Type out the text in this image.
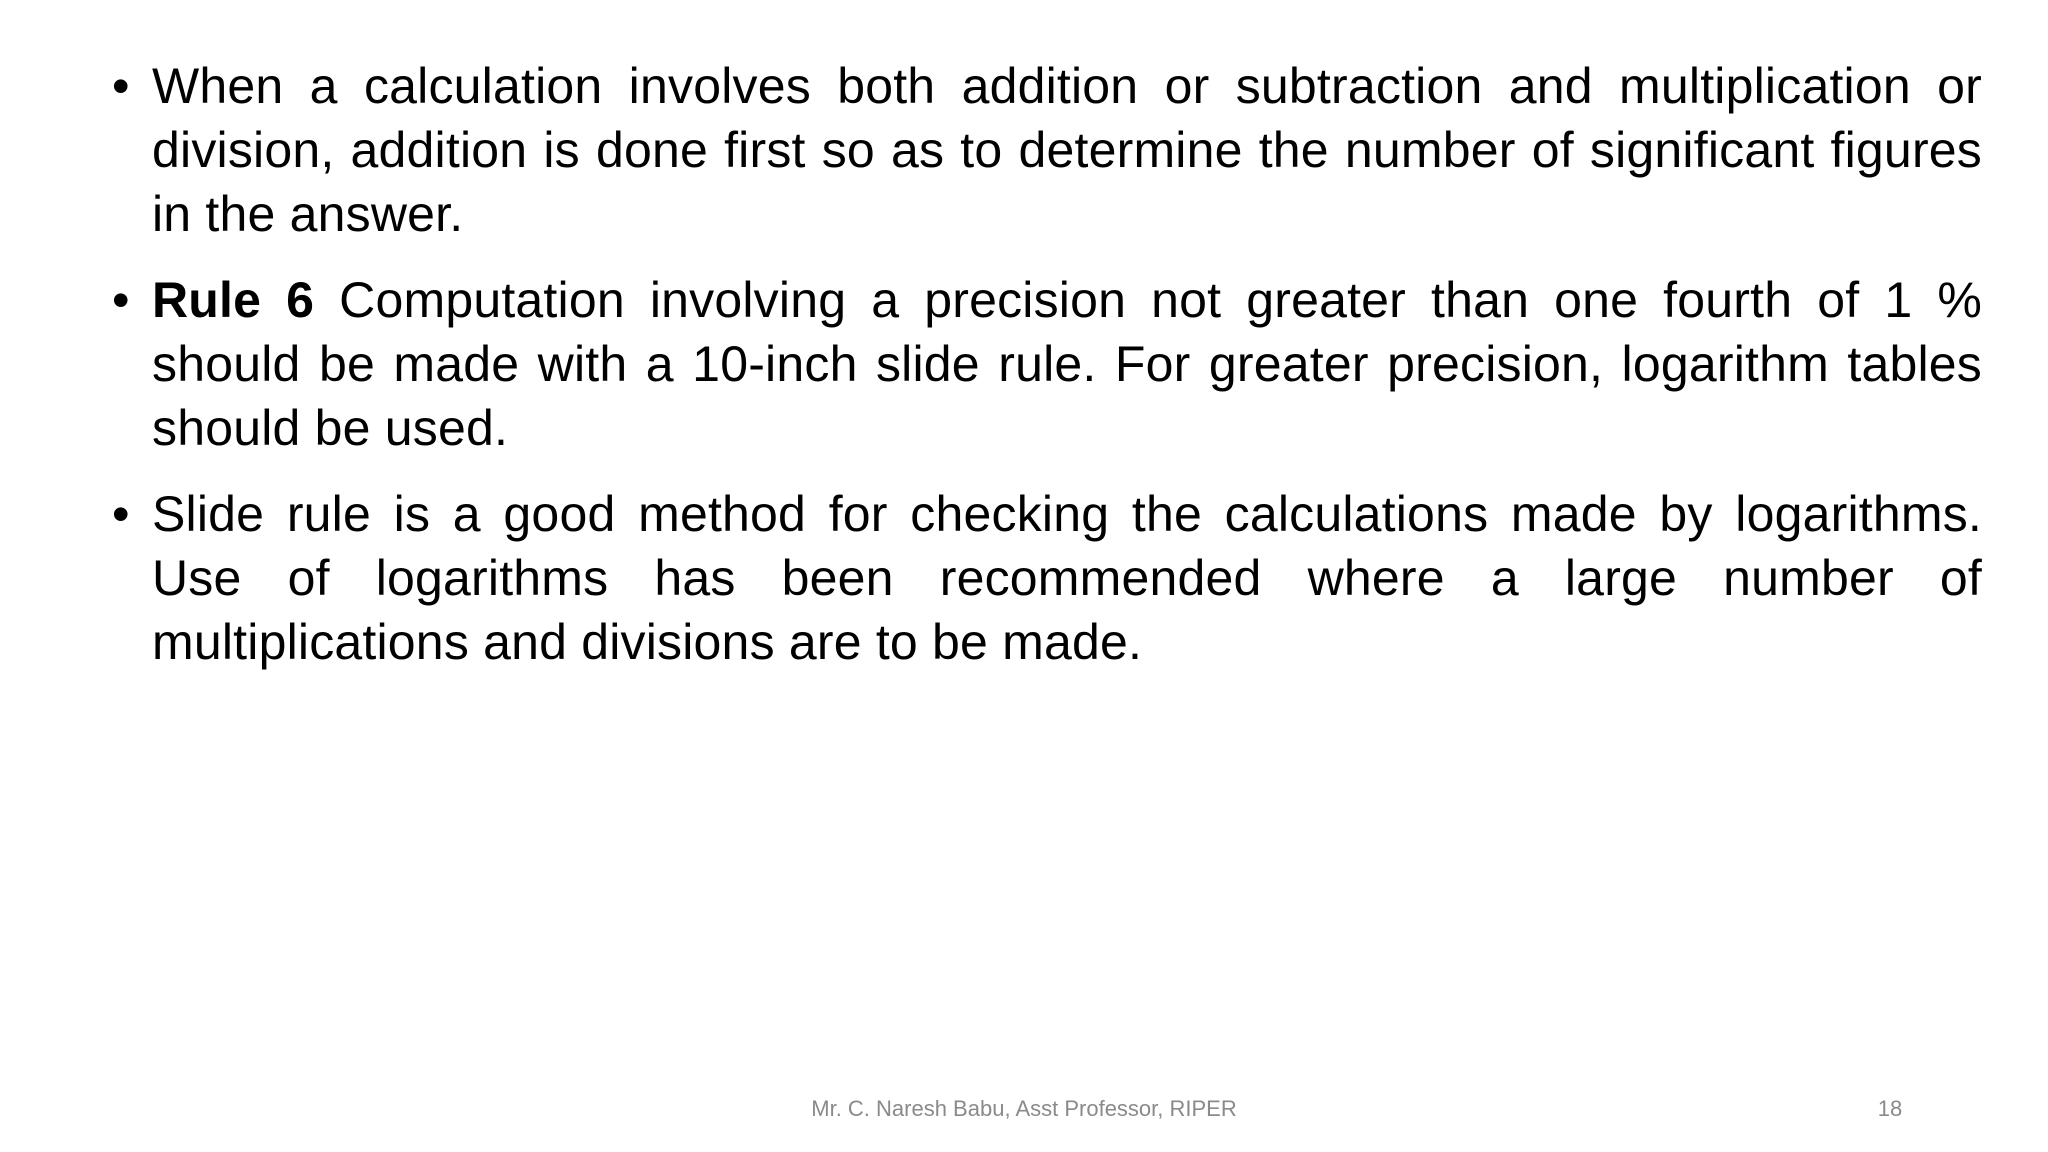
• When a calculation involves both addition or subtraction and multiplication or division, addition is done first so as to determine the number of significant figures in the answer.
• Rule 6 Computation involving a precision not greater than one fourth of 1 % should be made with a 10-inch slide rule. For greater precision, logarithm tables should be used.
• Slide rule is a good method for checking the calculations made by logarithms. Use of logarithms has been recommended where a large number of multiplications and divisions are to be made.
Mr. C. Naresh Babu, Asst Professor, RIPER	18
